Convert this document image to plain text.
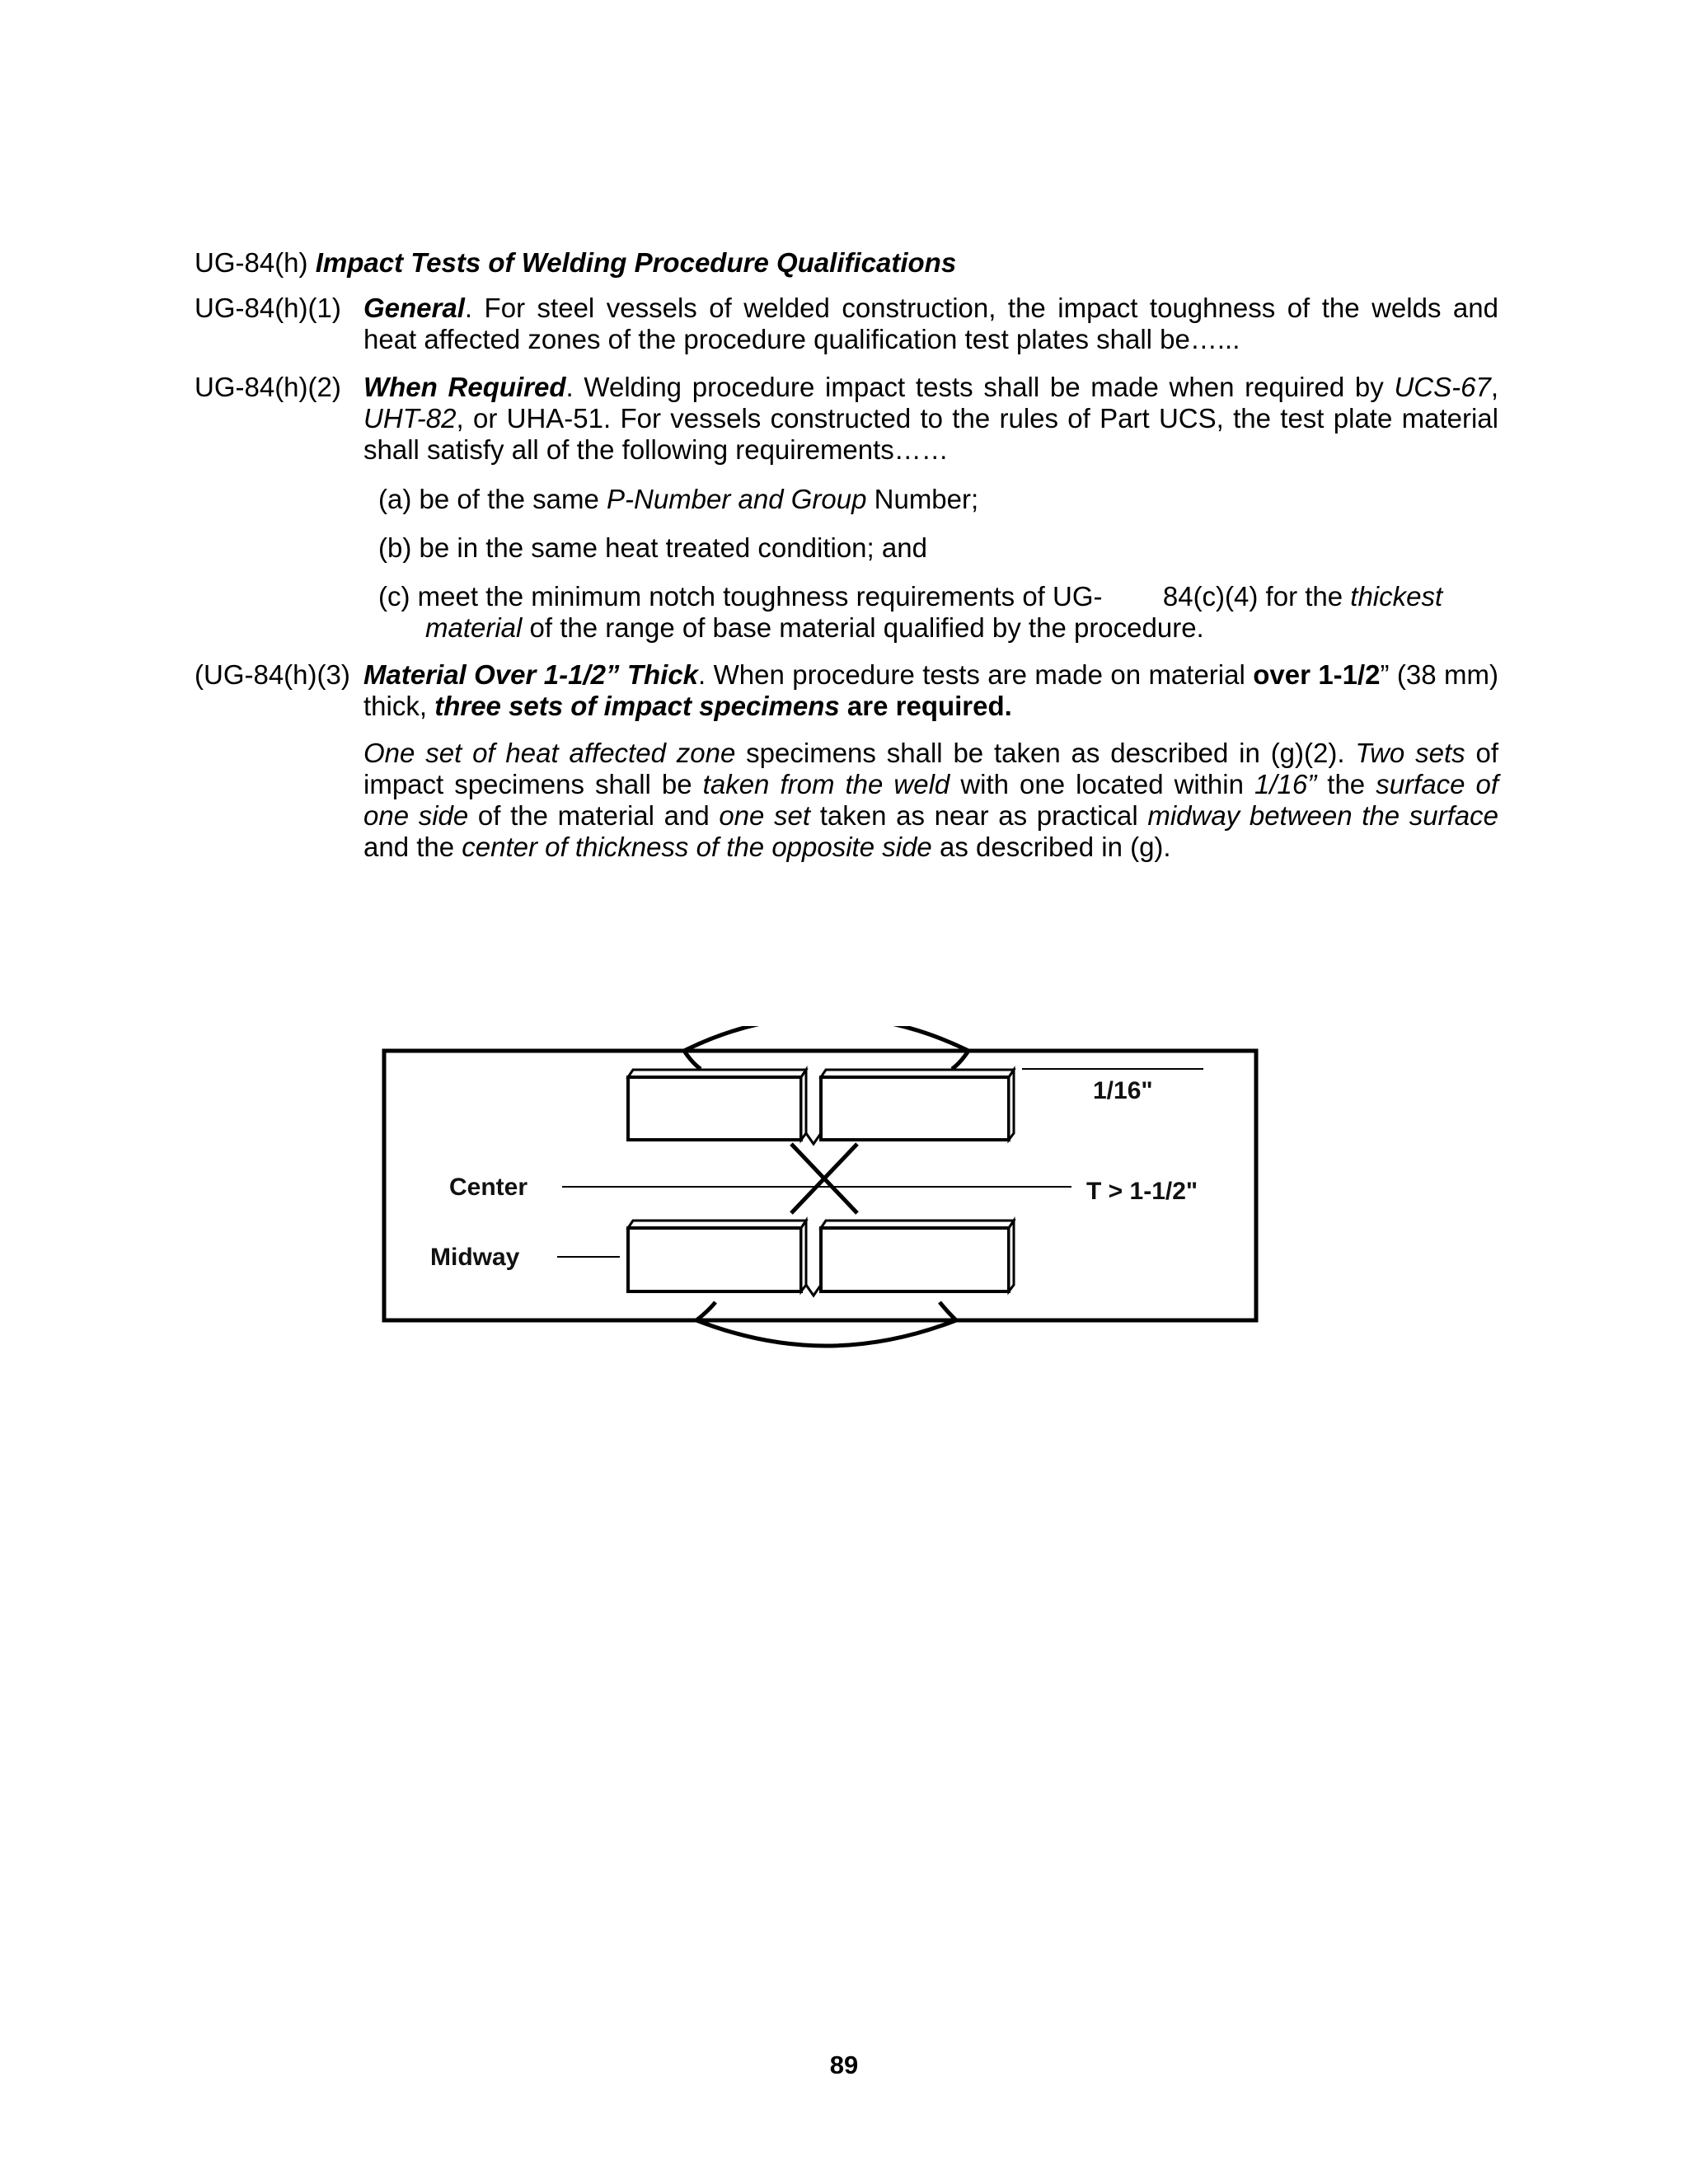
UG-84(h) Impact Tests of Welding Procedure Qualifications
UG-84(h)(1) General. For steel vessels of welded construction, the impact toughness of the welds and heat affected zones of the procedure qualification test plates shall be…...
UG-84(h)(2) When Required. Welding procedure impact tests shall be made when required by UCS-67, UHT-82, or UHA-51. For vessels constructed to the rules of Part UCS, the test plate material shall satisfy all of the following requirements……
(a) be of the same P-Number and Group Number;
(b) be in the same heat treated condition; and
(c) meet the minimum notch toughness requirements of UG-        84(c)(4) for the thickest
material of the range of base material qualified by the procedure.
(UG-84(h)(3) Material Over 1-1/2” Thick. When procedure tests are made on material over 1-1/2” (38 mm) thick, three sets of impact specimens are required.
One set of heat affected zone specimens shall be taken as described in (g)(2). Two sets of impact specimens shall be taken from the weld with one located within 1/16” the surface of one side of the material and one set taken as near as practical midway between the surface and the center of thickness of the opposite side as described in (g).
1/16"
Center	T > 1-1/2"
Midway
89
